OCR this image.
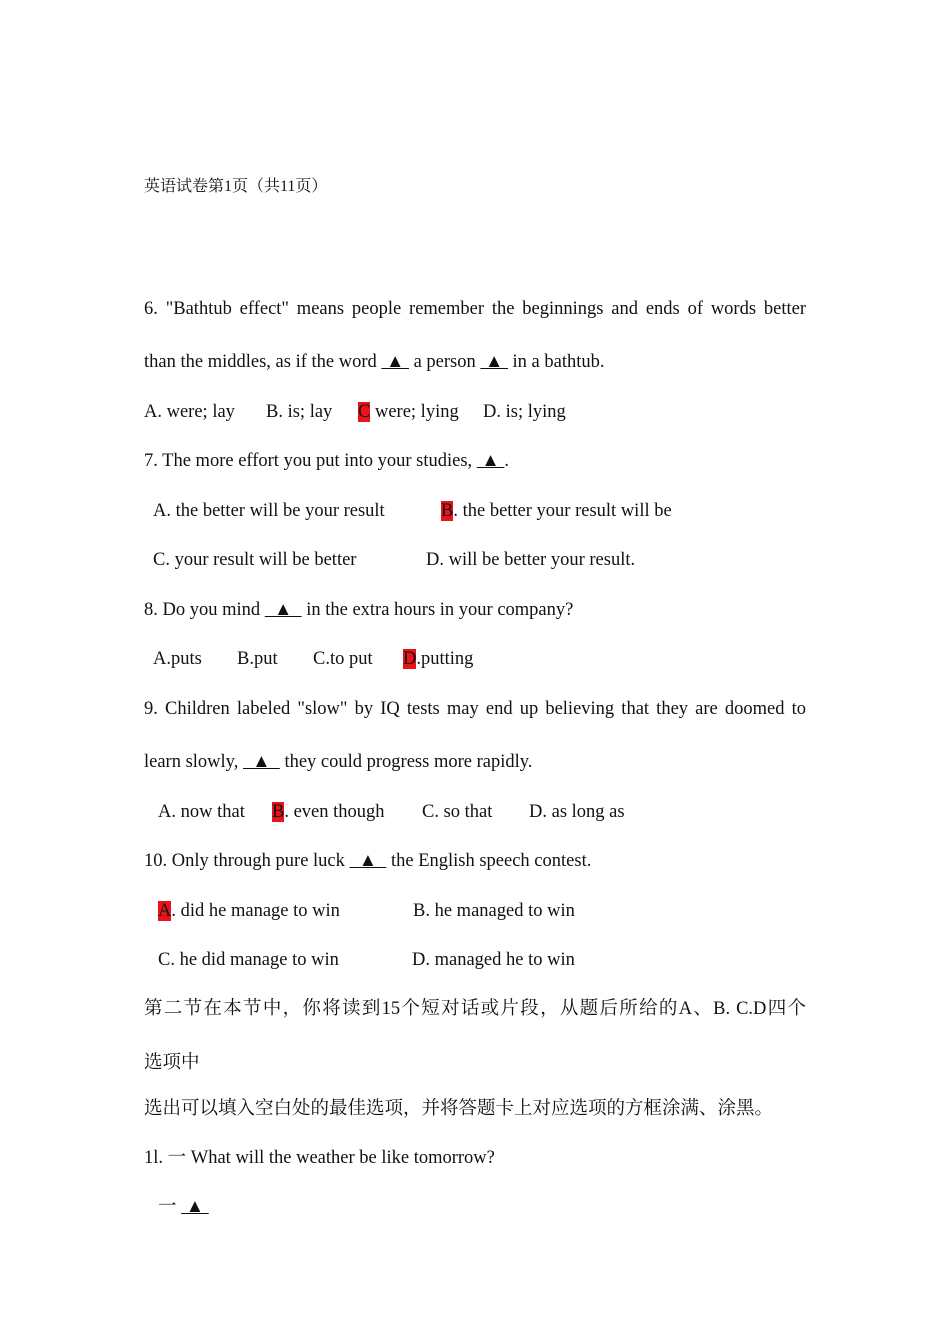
英语试卷第1页（共11页）
6. "Bathtub effect" means people remember the beginnings and ends of words better
than the middles, as if the word  ▲  a person  ▲  in a bathtub.
A. were; lay B. is; lay C were; lying D. is; lying
7. The more effort you put into your studies,  ▲ .
A. the better will be your result	B. the better your result will be
C. your result will be better	D. will be better your result.
8. Do you mind   ▲   in the extra hours in your company?
A.puts B.put C.to put D.putting
9. Children labeled "slow" by IQ tests may end up believing that they are doomed to
learn slowly,   ▲   they could progress more rapidly.
A. now that B. even though C. so that D. as long as
10. Only through pure luck   ▲   the English speech contest.
A. did he manage to win	B. he managed to win
C. he did manage to win	D. managed he to win
第二节在本节中，你将读到15个短对话或片段，从题后所给的A、B. C.D四个
选项中
选出可以填入空白处的最佳选项，并将答题卡上对应选项的方框涂满、涂黑。
1l. 一 What will the weather be like tomorrow?
一  ▲
